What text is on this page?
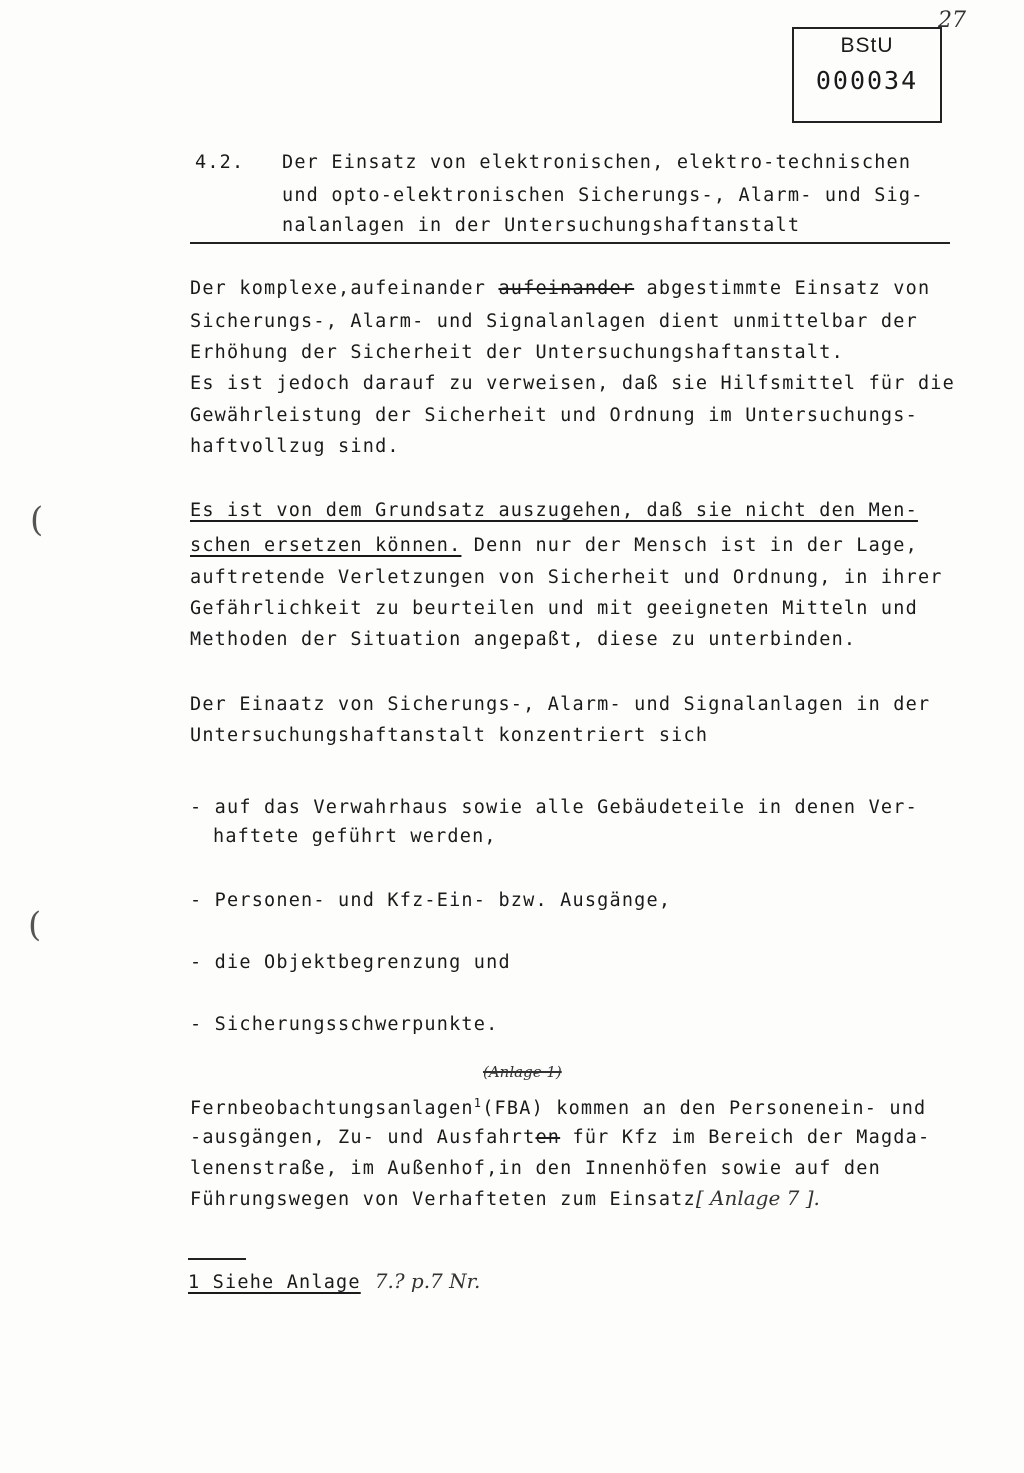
BStU
000034
27
4.2. Der Einsatz von elektronischen, elektro-technischen
und opto-elektronischen Sicherungs-, Alarm- und Sig-
nalanlagen in der Untersuchungshaftanstalt
Der komplexe,aufeinander aufeinander abgestimmte Einsatz von
Sicherungs-, Alarm- und Signalanlagen dient unmittelbar der
Erhöhung der Sicherheit der Untersuchungshaftanstalt.
Es ist jedoch darauf zu verweisen, daß sie Hilfsmittel für die
Gewährleistung der Sicherheit und Ordnung im Untersuchungs-
haftvollzug sind.
Es ist von dem Grundsatz auszugehen, daß sie nicht den Men-
schen ersetzen können. Denn nur der Mensch ist in der Lage,
auftretende Verletzungen von Sicherheit und Ordnung, in ihrer
Gefährlichkeit zu beurteilen und mit geeigneten Mitteln und
Methoden der Situation angepaßt, diese zu unterbinden.
Der Einaatz von Sicherungs-, Alarm- und Signalanlagen in der
Untersuchungshaftanstalt konzentriert sich
- auf das Verwahrhaus sowie alle Gebäudeteile in denen Ver-
haftete geführt werden,
- Personen- und Kfz-Ein- bzw. Ausgänge,
- die Objektbegrenzung und
- Sicherungsschwerpunkte.
Fernbeobachtungsanlagen$^1$(FBA) kommen an den Personenein- und
(Anlage 1)
-ausgängen, Zu- und Ausfahrten für Kfz im Bereich der Magda-
lenenstraße, im Außenhof,in den Innenhöfen sowie auf den
Führungswegen von Verhafteten zum Einsatz[ Anlage 7 ].
1 Siehe Anlage 7.? p.7 Nr.
(
(
